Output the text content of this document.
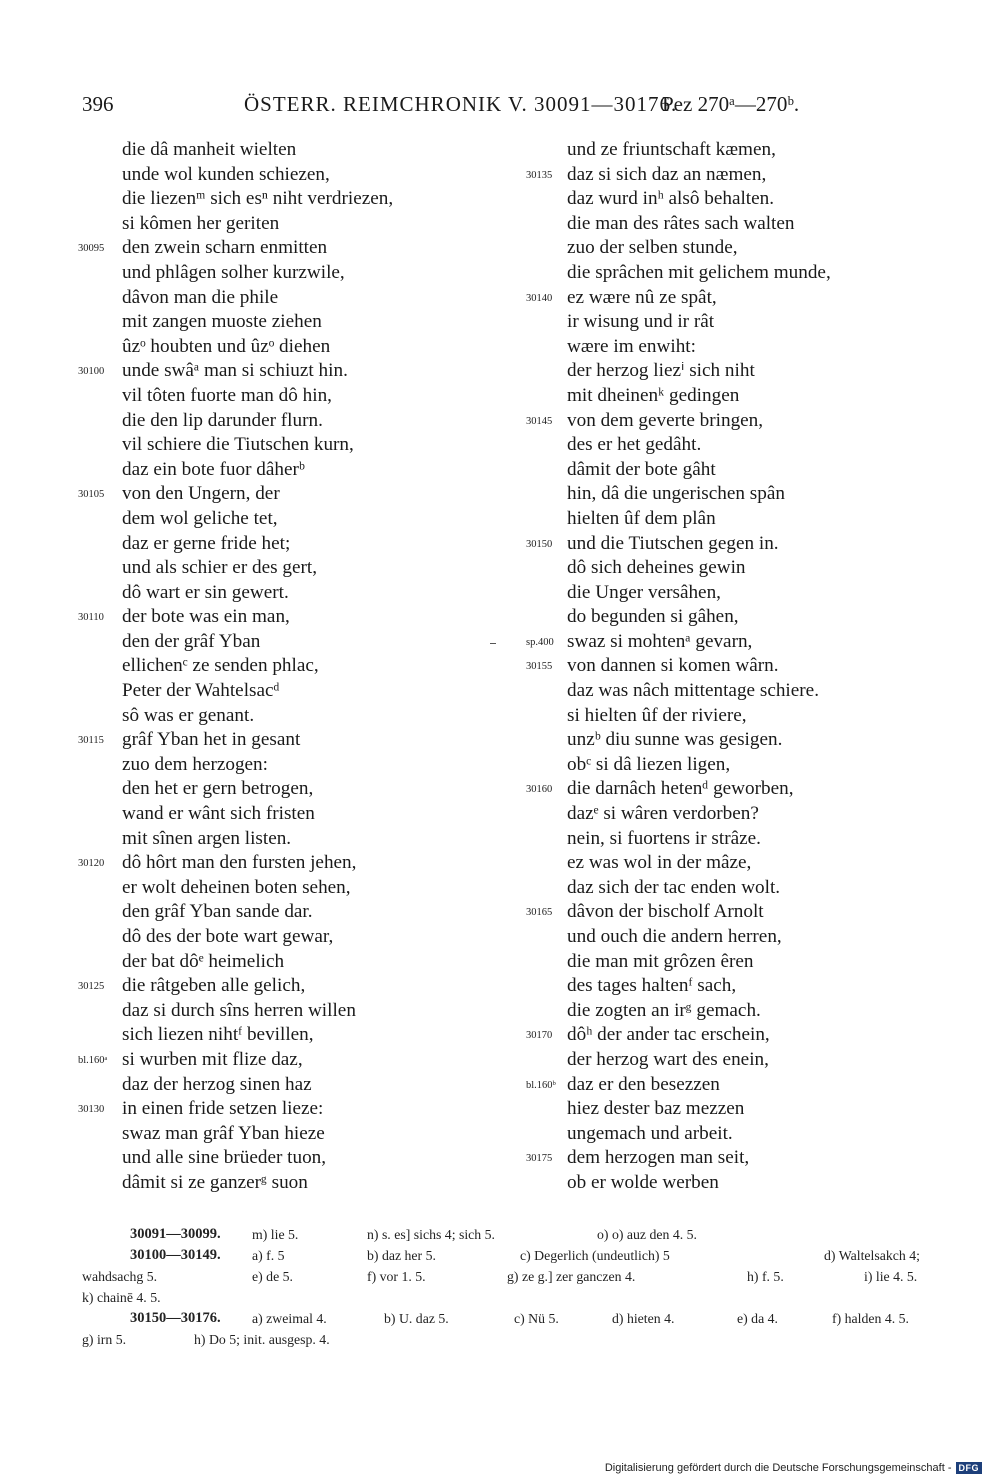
396	ÖSTERR. REIMCHRONIK V. 30091—30176.
Pez 270ᵃ—270ᵇ.
die dâ manheit wielten
unde wol kunden schiezen,
die liezenᵐ sich esⁿ niht verdriezen,
si kômen her geriten
30095 den zwein scharn enmitten
und phlâgen solher kurzwile,
dâvon man die phile
mit zangen muoste ziehen
ûzᵒ houbten und ûzᵒ diehen
30100 unde swâᵃ man si schiuzt hin.
vil tôten fuorte man dô hin,
die den lip darunder flurn.
vil schiere die Tiutschen kurn,
daz ein bote fuor dâherᵇ
30105 von den Ungern, der
dem wol geliche tet,
daz er gerne fride het;
und als schier er des gert,
dô wart er sin gewert.
30110 der bote was ein man,
den der grâf Yban
ellichenᶜ ze senden phlac,
Peter der Wahtelsacᵈ
sô was er genant.
30115 grâf Yban het in gesant
zuo dem herzogen:
den het er gern betrogen,
wand er wânt sich fristen
mit sînen argen listen.
30120 dô hôrt man den fursten jehen,
er wolt deheinen boten sehen,
den grâf Yban sande dar.
dô des der bote wart gewar,
der bat dôᵉ heimelich
30125 die râtgeben alle gelich,
daz si durch sîns herren willen
sich liezen nihtᶠ bevillen,
bl.160ᵃ si wurben mit flize daz,
daz der herzog sinen haz
30130 in einen fride setzen lieze:
swaz man grâf Yban hieze
und alle sine brüeder tuon,
dâmit si ze ganzerᵍ suon
und ze friuntschaft kæmen,
30135 daz si sich daz an næmen,
daz wurd inʰ alsô behalten.
die man des râtes sach walten
zuo der selben stunde,
die sprâchen mit gelichem munde,
30140 ez wære nû ze spât,
ir wisung und ir rât
wære im enwiht:
der herzog liezⁱ sich niht
mit dheinenᵏ gedingen
30145 von dem geverte bringen,
des er het gedâht.
dâmit der bote gâht
hin, dâ die ungerischen spân
hielten ûf dem plân
30150 und die Tiutschen gegen in.
dô sich deheines gewin
die Unger versâhen,
do begunden si gâhen,
sp.400 swaz si mohtenᵃ gevarn,
30155 von dannen si komen wârn.
daz was nâch mittentage schiere.
si hielten ûf der riviere,
unzᵇ diu sunne was gesigen.
obᶜ si dâ liezen ligen,
30160 die darnâch hetenᵈ geworben,
dazᵉ si wâren verdorben?
nein, si fuortens ir strâze.
ez was wol in der mâze,
daz sich der tac enden wolt.
30165 dâvon der bischolf Arnolt
und ouch die andern herren,
die man mit grôzen êren
des tages haltenᶠ sach,
die zogten an irᵍ gemach.
30170 dôʰ der ander tac erschein,
der herzog wart des enein,
bl.160ᵇ daz er den besezzen
hiez dester baz mezzen
ungemach und arbeit.
30175 dem herzogen man seit,
ob er wolde werben
30091—30099. m) lie 5.	n) s. es] sichs 4; sich 5.	o) o) auz den 4. 5.
30100—30149. a) f. 5	b) daz her 5.	c) Degerlich (undeutlich) 5	d) Waltelsakch 4;
wahdsachg 5.	e) de 5.	f) vor 1. 5.	g) ze g.] zer ganczen 4.	h) f. 5.	i) lie 4. 5.
k) chainē 4. 5.
30150—30176. a) zweimal 4.	b) U. daz 5.	c) Nü 5.	d) hieten 4.	e) da 4.	f) halden 4. 5.
g) irn 5.	h) Do 5; init. ausgesp. 4.
Digitalisierung gefördert durch die Deutsche Forschungsgemeinschaft - DFG
